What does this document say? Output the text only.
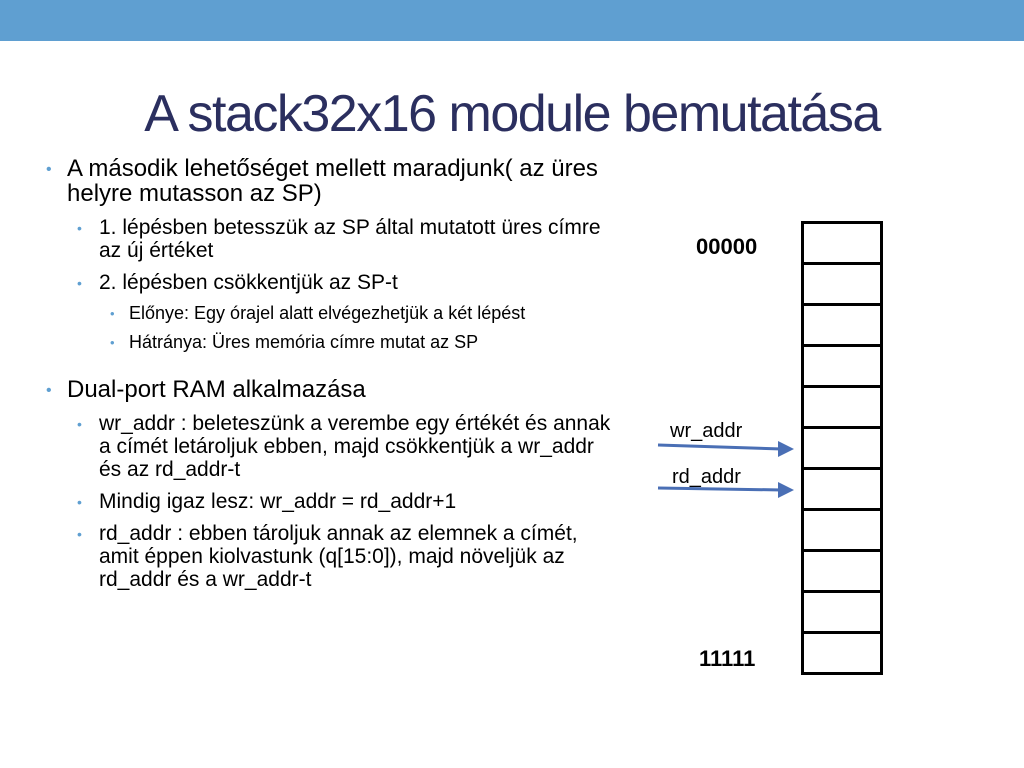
A stack32x16 module bemutatása
• A második lehetőséget mellett maradjunk( az üres helyre mutasson az SP)
• 1. lépésben betesszük az SP által mutatott üres címre az új értéket
• 2. lépésben csökkentjük az SP-t
• Előnye: Egy órajel alatt elvégezhetjük a két lépést
• Hátránya: Üres memória címre mutat az SP
• Dual-port RAM alkalmazása
• wr_addr : beleteszünk a verembe egy értékét és annak a címét letároljuk ebben, majd csökkentjük a wr_addr és az rd_addr-t
• Mindig igaz lesz: wr_addr = rd_addr+1
• rd_addr : ebben tároljuk annak az elemnek a címét, amit éppen kiolvastunk (q[15:0]), majd növeljük az rd_addr és a wr_addr-t
00000
11111

wr_addr
rd_addr
